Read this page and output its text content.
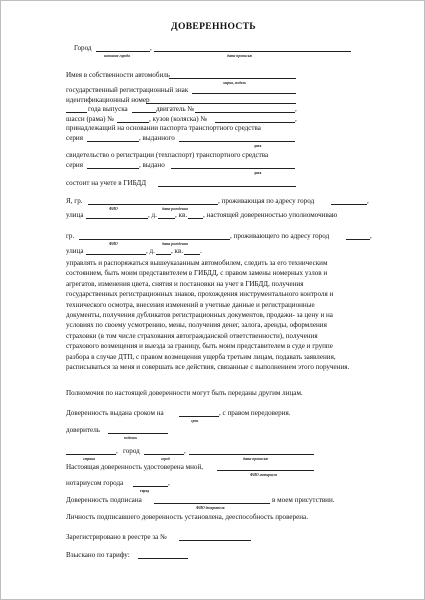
ДОВЕРЕННОСТЬ
Город	,
название города	дата прописью
Имея в собственности автомобиль
марка, модель
государственный регистрационный знак
идентификационный номер
года выпуска	двигатель №	,
шасси (рама) №	, кузов (коляска) №	,
принадлежащий на основании паспорта транспортного средства
серия	, выданного
дата
свидетельство о регистрации (техпаспорт) транспортного средства
серия	, выдано
дата
состоит на учете в ГИБДД
Я, гр.	, проживающая по адресу город	,
ФИО	дата рождения
улица	, д.	, кв. , настоящей доверенностью уполномочиваю
гр.	, проживающего по адресу город	,
ФИО	дата рождения
улица	, д. , кв. .
управлять и распоряжаться вышеуказанным автомобилем, следить за его техническим
состоянием, быть моим представителем в ГИБДД, с правом замены номерных узлов и
агрегатов, изменения цвета, снятия и постановки на учет в ГИБДД, получения
государственных регистрационных знаков, прохождения инструментального контроля и
технического осмотра, внесения изменений в учетные данные и регистрационные
документы, получения дубликатов регистрационных документов, продажи- за цену и на
условиях по своему усмотрению, мены, получения денег, залога, аренды, оформления
страховки (в том числе страхования автогражданской ответственности), получения
страхового возмещения и выезда за границу, быть моим представителем в суде и группе
разбора в случае ДТП, с правом возмещения ущерба третьим лицам, подавать заявления,
расписываться за меня и совершать все действия, связанные с выполнением этого поручения.
Полномочия по настоящей доверенности могут быть переданы другим лицам.
Доверенность выдана сроком на	, с правом передоверия.
срок
доверитель
подпись
, город	,
страна	город	дата прописью
Настоящая доверенность удостоверена мной,
ФИО нотариуса
нотариусом города	,
город
Доверенность подписана	в моем присутствии.
ФИО доверителя
Личность подписавшего доверенность установлена, дееспособность проверена.
Зарегистрировано в реестре за №
Взыскано по тарифу:
